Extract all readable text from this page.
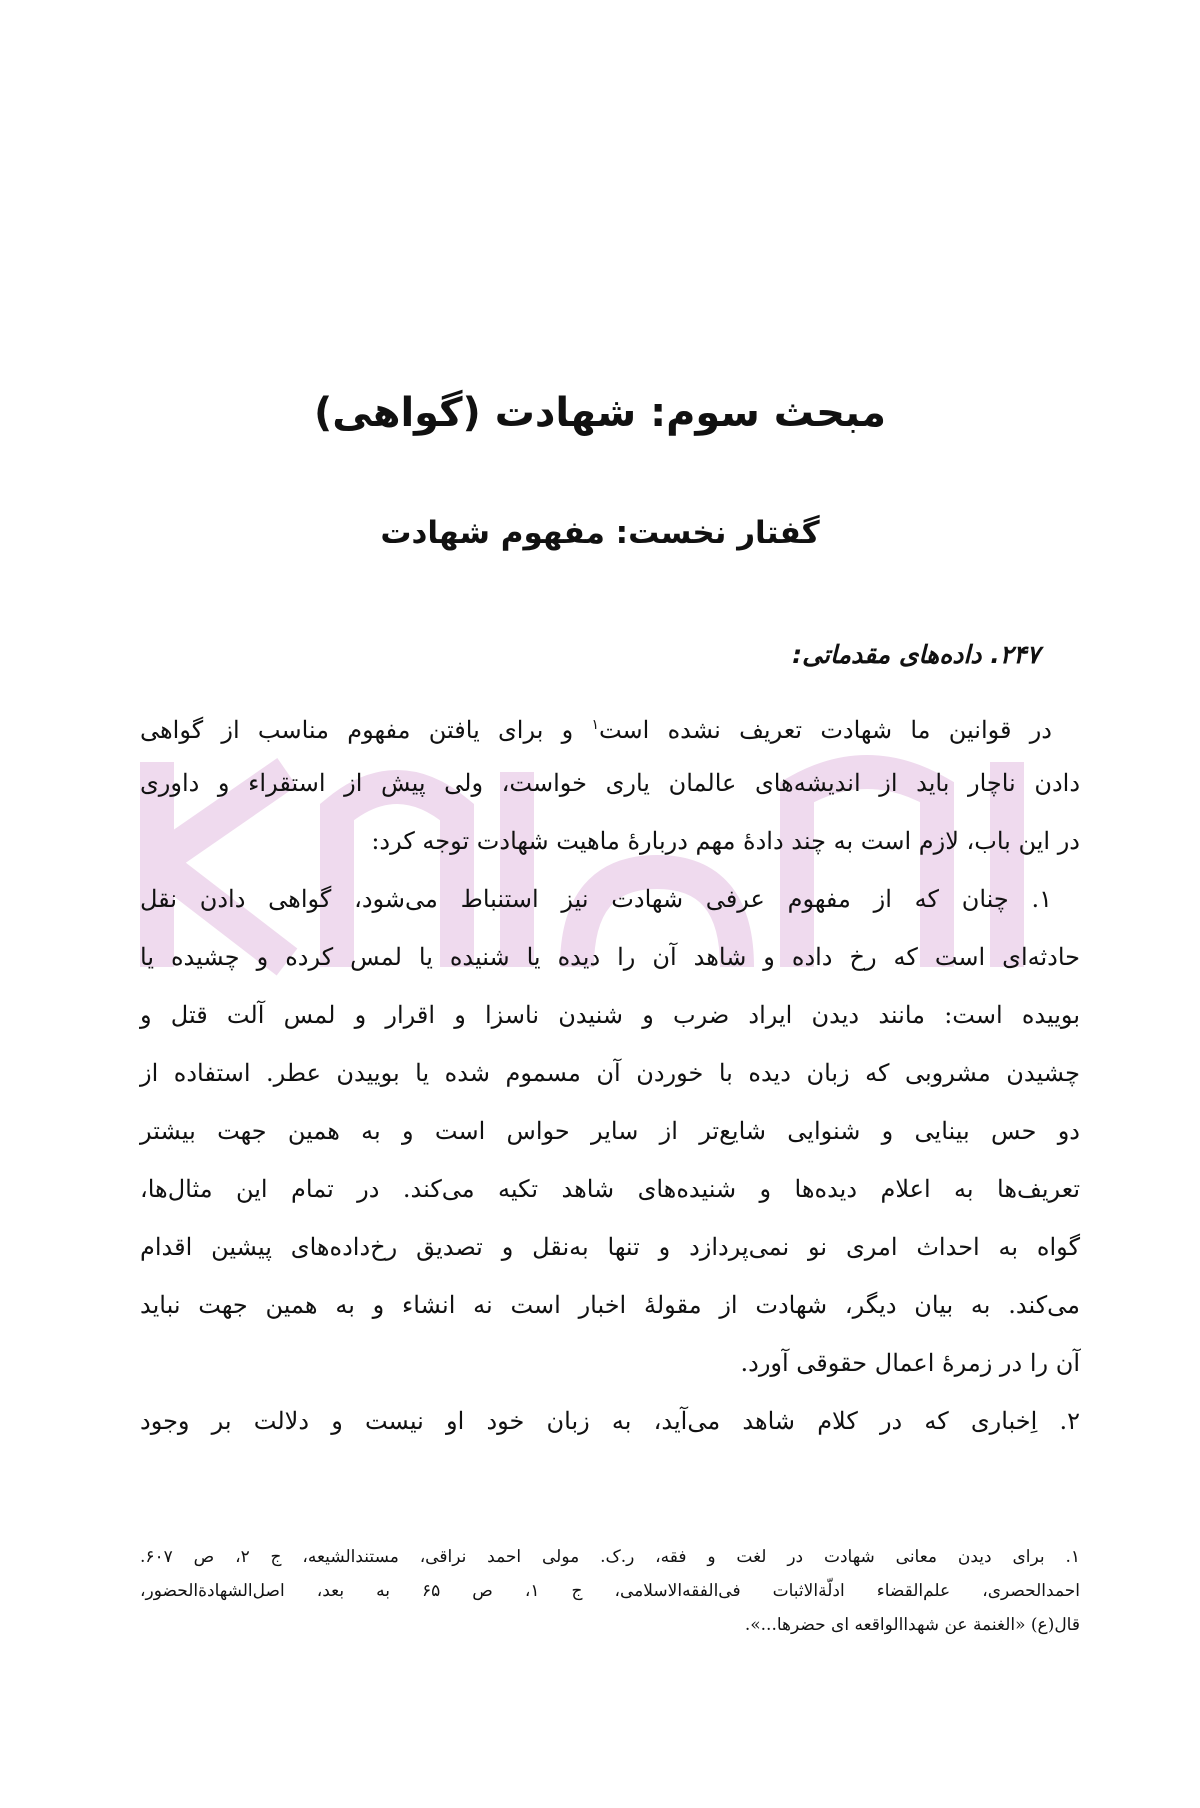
مبحث سوم: شهادت (گواهی)
گفتار نخست: مفهوم شهادت
۲۴۷. داده‌های مقدماتی:
در قوانین ما شهادت تعریف نشده است$^۱$ و برای یافتن مفهوم مناسب از گواهی
دادن ناچار باید از اندیشه‌های عالمان یاری خواست، ولی پیش از استقراء و داوری
در این باب، لازم است به چند دادۀ مهم دربارۀ ماهیت شهادت توجه کرد:
۱. چنان که از مفهوم عرفی شهادت نیز استنباط می‌شود، گواهی دادن نقل
حادثه‌ای است که رخ داده و شاهد آن را دیده یا شنیده یا لمس کرده و چشیده یا
بوییده است: مانند دیدن ایراد ضرب و شنیدن ناسزا و اقرار و لمس آلت قتل و
چشیدن مشروبی که زبان دیده با خوردن آن مسموم شده یا بوییدن عطر. استفاده از
دو حس بینایی و شنوایی شایع‌تر از سایر حواس است و به همین جهت بیشتر
تعریف‌ها به اعلام دیده‌ها و شنیده‌های شاهد تکیه می‌کند. در تمام این مثال‌ها،
گواه به احداث امری نو نمی‌پردازد و تنها به‌نقل و تصدیق رخ‌داده‌های پیشین اقدام
می‌کند. به بیان دیگر، شهادت از مقولۀ اخبار است نه انشاء و به همین جهت نباید
آن را در زمرۀ اعمال حقوقی آورد.
۲. اِخباری که در کلام شاهد می‌آید، به زبان خود او نیست و دلالت بر وجود
۱. برای دیدن معانی شهادت در لغت و فقه، ر.ک. مولی احمد نراقی، مستندالشیعه، ج ۲، ص ۶۰۷.
احمدالحصری، علم‌القضاء ادلّة‌الاثبات فی‌الفقه‌الاسلامی، ج ۱، ص ۶۵ به بعد، اصل‌الشهادة‌الحضور،
قال(ع) «الغنمة عن شهداالواقعه ای حضرها...».
